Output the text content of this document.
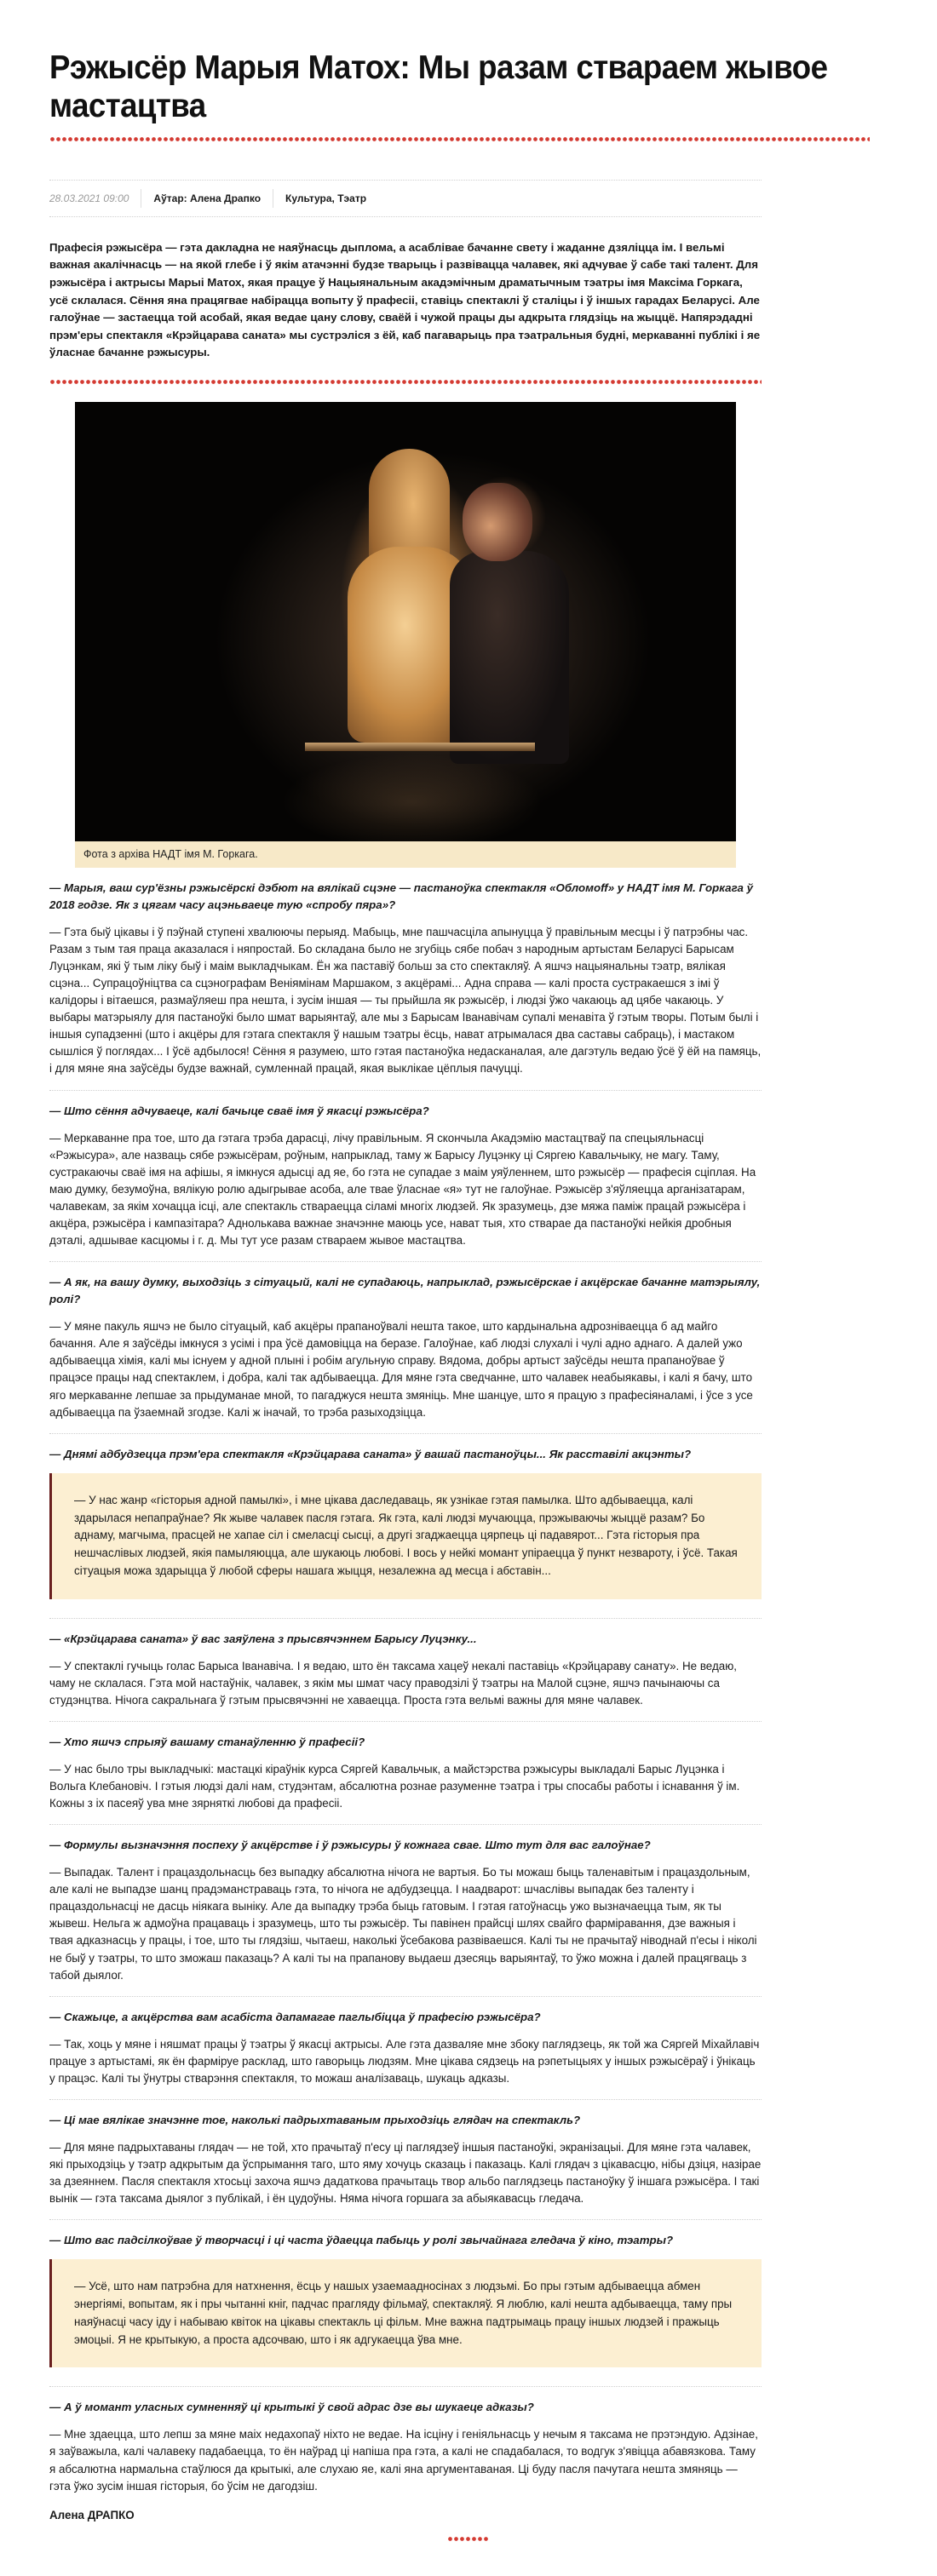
Рэжысёр Марыя Матох: Мы разам ствараем жывое мастацтва
28.03.2021 09:00	Аўтар: Алена Драпко	Культура, Тэатр

Прафесія рэжысёра — гэта дакладна не наяўнасць дыплома, а асаблівае бачанне свету і жаданне дзяліцца ім. І вельмі важная акалічнасць — на якой глебе і ў якім атачэнні будзе тварыць і развівацца чалавек, які адчувае ў сабе такі талент. Для рэжысёра і актрысы Марыі Матох, якая працуе ў Нацыянальным акадэмічным драматычным тэатры імя Максіма Горкага, усё склалася. Сёння яна працягвае набірацца вопыту ў прафесіі, ставіць спектаклі ў сталіцы і ў іншых гарадах Беларусі. Але галоўнае — застаецца той асобай, якая ведае цану слову, сваёй і чужой працы ды адкрыта глядзіць на жыццё. Напярэдадні прэм'еры спектакля «Крэйцарава саната» мы сустрэліся з ёй, каб пагаварыць пра тэатральныя будні, меркаванні публікі і яе ўласнае бачанне рэжысуры.

Фота з архіва НАДТ імя М. Горкага.

— Марыя, ваш сур'ёзны рэжысёрскі дэбют на вялікай сцэне — пастаноўка спектакля «Обломоff» у НАДТ імя М. Горкага ў 2018 годзе. Як з цягам часу ацэньваеце тую «спробу пяра»?

— Гэта быў цікавы і ў пэўнай ступені хвалюючы перыяд. Мабыць, мне пашчасціла апынуцца ў правільным месцы і ў патрэбны час. Разам з тым тая праца аказалася і няпростай. Бо складана было не згубіць сябе побач з народным артыстам Беларусі Барысам Луцэнкам, які ў тым ліку быў і маім выкладчыкам. Ён жа паставіў больш за сто спектакляў. А яшчэ нацыянальны тэатр, вялікая сцэна... Супрацоўніцтва са сцэнографам Веніямінам Маршаком, з акцёрамі... Адна справа — калі проста сустракаешся з імі ў калідоры і вітаешся, размаўляеш пра нешта, і зусім іншая — ты прыйшла як рэжысёр, і людзі ўжо чакаюць ад цябе чакаюць. У выбары матэрыялу для пастаноўкі было шмат варыянтаў, але мы з Барысам Іванавічам супалі менавіта ў гэтым творы. Потым былі і іншыя супадзенні (што і акцёры для гэтага спектакля ў нашым тэатры ёсць, нават атрымалася два саставы сабраць), і мастаком сышліся ў поглядах... І ўсё адбылося! Сёння я разумею, што гэтая пастаноўка недасканалая, але дагэтуль ведаю ўсё ў ёй на памяць, і для мяне яна заўсёды будзе важнай, сумленнай працай, якая выклікае цёплыя пачуцці.

— Што сёння адчуваеце, калі бачыце сваё імя ў якасці рэжысёра?

— Меркаванне пра тое, што да гэтага трэба дарасці, лічу правільным. Я скончыла Акадэмію мастацтваў па спецыяльнасці «Рэжысура», але назваць сябе рэжысёрам, роўным, напрыклад, таму ж Барысу Луцэнку ці Сяргею Кавальчыку, не магу. Таму, сустракаючы сваё імя на афішы, я імкнуся адысці ад яе, бо гэта не супадае з маім уяўленнем, што рэжысёр — прафесія сціплая. На маю думку, безумоўна, вялікую ролю адыгрывае асоба, але твае ўласнае «я» тут не галоўнае. Рэжысёр з'яўляецца арганізатарам, чалавекам, за якім хочацца ісці, але спектакль ствараецца сіламі многіх людзей. Як зразумець, дзе мяжа паміж працай рэжысёра і акцёра, рэжысёра і кампазітара? Аднолькава важнае значэнне маюць усе, нават тыя, хто стварае да пастаноўкі нейкія дробныя дэталі, адшывае касцюмы і г. д. Мы тут усе разам ствараем жывое мастацтва.

— А як, на вашу думку, выходзіць з сітуацый, калі не супадаюць, напрыклад, рэжысёрскае і акцёрскае бачанне матэрыялу, ролі?

— У мяне пакуль яшчэ не было сітуацый, каб акцёры прапаноўвалі нешта такое, што кардынальна адрозніваецца б ад майго бачання. Але я заўсёды імкнуся з усімі і пра ўсё дамовіцца на беразе. Галоўнае, каб людзі слухалі і чулі адно аднаго. А далей ужо адбываецца хімія, калі мы існуем у адной плыні і робім агульную справу. Вядома, добры артыст заўсёды нешта прапаноўвае ў працэсе працы над спектаклем, і добра, калі так адбываецца. Для мяне гэта сведчанне, што чалавек неабыякавы, і калі я бачу, што яго меркаванне лепшае за прыдуманае мной, то пагаджуся нешта змяніць. Мне шанцуе, што я працую з прафесіяналамі, і ўсе з усе адбываецца па ўзаемнай згодзе. Калі ж іначай, то трэба разыходзіцца.

— Днямі адбудзецца прэм'ера спектакля «Крэйцарава саната» ў вашай пастаноўцы... Як расставілі акцэнты?

— У нас жанр «гісторыя адной памылкі», і мне цікава даследаваць, як узнікае гэтая памылка. Што адбываецца, калі здарылася непапраўнае? Як жыве чалавек пасля гэтага. Як гэта, калі людзі мучаюцца, прэжываючы жыццё разам? Бо аднаму, магчыма, прасцей не хапае сіл і смеласці сысці, а другі згаджаецца цярпець ці падавярот... Гэта гісторыя пра нешчаслівых людзей, якія памыляюцца, але шукаюць любові. І вось у нейкі момант упіраецца ў пункт незвароту, і ўсё. Такая сітуацыя можа здарыцца ў любой сферы нашага жыцця, незалежна ад месца і абставін...

— «Крэйцарава саната» ў вас заяўлена з прысвячэннем Барысу Луцэнку...

— У спектаклі гучыць голас Барыса Іванавіча. І я ведаю, што ён таксама хацеў некалі паставіць «Крэйцараву санату». Не ведаю, чаму не склалася. Гэта мой настаўнік, чалавек, з якім мы шмат часу праводзілі ў тэатры на Малой сцэне, яшчэ пачынаючы са студэнцтва. Нічога сакральнага ў гэтым прысвячэнні не хаваецца. Проста гэта вельмі важны для мяне чалавек.

— Хто яшчэ спрыяў вашаму станаўленню ў прафесіі?

— У нас было тры выкладчыкі: мастацкі кіраўнік курса Сяргей Кавальчык, а майстэрства рэжысуры выкладалі Барыс Луцэнка і Вольга Клебановіч. І гэтыя людзі далі нам, студэнтам, абсалютна рознае разуменне тэатра і тры спосабы работы і існавання ў ім. Кожны з іх пасеяў ува мне зярняткі любові да прафесіі.

— Формулы вызначэння поспеху ў акцёрстве і ў рэжысуры ў кожнага свае. Што тут для вас галоўнае?

— Выпадак. Талент і працаздольнасць без выпадку абсалютна нічога не вартыя. Бо ты можаш быць таленавітым і працаздольным, але калі не выпадзе шанц прадэманстраваць гэта, то нічога не адбудзецца. І наадварот: шчаслівы выпадак без таленту і працаздольнасці не дасць ніякага выніку. Але да выпадку трэба быць гатовым. І гэтая гатоўнасць ужо вызначаецца тым, як ты жывеш. Нельга ж адмоўна працаваць і зразумець, што ты рэжысёр. Ты павінен прайсці шлях свайго фарміравання, дзе важныя і твая адказнасць у працы, і тое, што ты глядзіш, чытаеш, наколькі ўсебакова развіваешся. Калі ты не прачытаў ніводнай п'есы і ніколі не быў у тэатры, то што зможаш паказаць? А калі ты на прапанову выдаеш дзесяць варыянтаў, то ўжо можна і далей працягваць з табой дыялог.

— Скажыце, а акцёрства вам асабіста дапамагае паглыбіцца ў прафесію рэжысёра?

— Так, хоць у мяне і няшмат працы ў тэатры ў якасці актрысы. Але гэта дазваляе мне збоку паглядзець, як той жа Сяргей Міхайлавіч працуе з артыстамі, як ён фарміруе расклад, што гаворыць людзям. Мне цікава сядзець на рэпетыцыях у іншых рэжысёраў і ўнікаць у працэс. Калі ты ўнутры стварэння спектакля, то можаш аналізаваць, шукаць адказы.

— Ці мае вялікае значэнне тое, наколькі падрыхтаваным прыходзіць глядач на спектакль?

— Для мяне падрыхтаваны глядач — не той, хто прачытаў п'есу ці паглядзеў іншыя пастаноўкі, экранізацыі. Для мяне гэта чалавек, які прыходзіць у тэатр адкрытым да ўспрымання таго, што яму хочуць сказаць і паказаць. Калі глядач з цікавасцю, нібы дзіця, назірае за дзеяннем. Пасля спектакля хтосьці захоча яшчэ дадаткова прачытаць твор альбо паглядзець пастаноўку ў іншага рэжысёра. І такі вынік — гэта таксама дыялог з публікай, і ён цудоўны. Няма нічога горшага за абыякавасць гледача.

— Што вас падсілкоўвае ў творчасці і ці часта ўдаецца пабыць у ролі звычайнага гледача ў кіно, тэатры?

— Усё, што нам патрэбна для натхнення, ёсць у нашых узаемаадносінах з людзьмі. Бо пры гэтым адбываецца абмен энергіямі, вопытам, як і пры чытанні кніг, падчас прагляду фільмаў, спектакляў. Я люблю, калі нешта адбываецца, таму пры наяўнасці часу іду і набываю квіток на цікавы спектакль ці фільм. Мне важна падтрымаць працу іншых людзей і пражыць эмоцыі. Я не крытыкую, а проста адсочваю, што і як адгукаецца ўва мне.

— А ў момант уласных сумненняў ці крытыкі ў свой адрас дзе вы шукаеце адказы?

— Мне здаецца, што лепш за мяне маіх недахопаў ніхто не ведае. На ісціну і геніяльнасць у нечым я таксама не прэтэндую. Адзінае, я заўважыла, калі чалавеку падабаецца, то ён наўрад ці напіша пра гэта, а калі не спадабалася, то водгук з'явіцца абавязкова. Таму я абсалютна нармальна стаўлюся да крытыкі, але слухаю яе, калі яна аргументаваная. Ці буду пасля пачутага нешта змяняць — гэта ўжо зусім іншая гісторыя, бо ўсім не дагодзіш.

Алена ДРАПКО
